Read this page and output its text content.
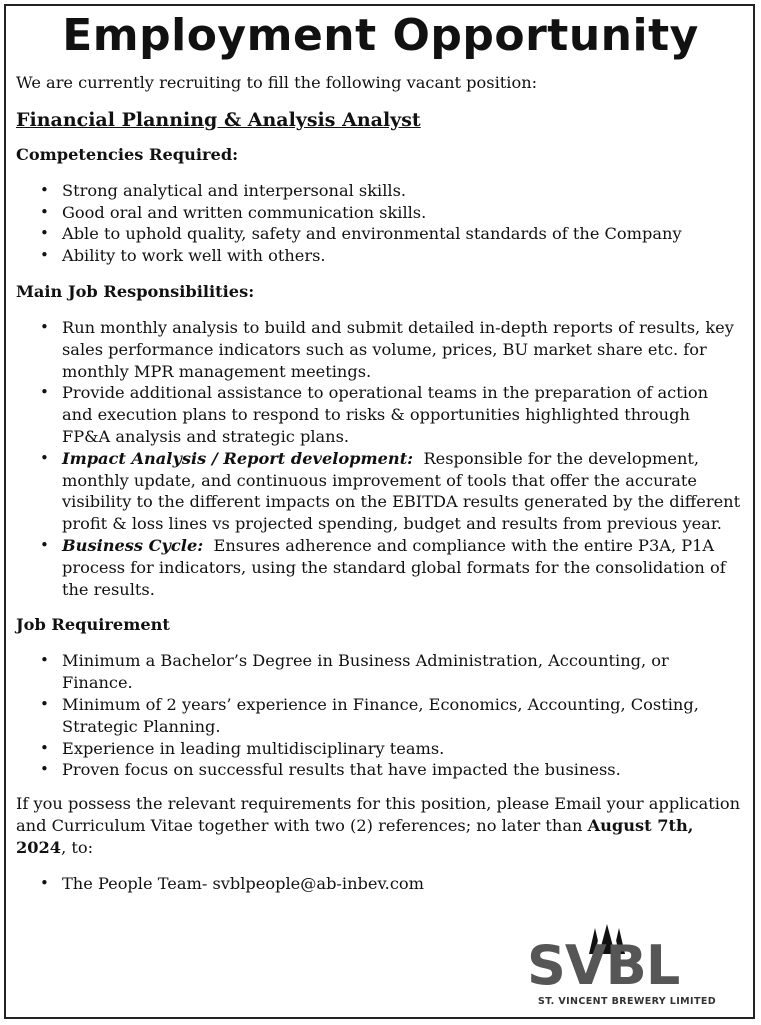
Employment Opportunity

We are currently recruiting to fill the following vacant position:

Financial Planning & Analysis Analyst

Competencies Required:
• Strong analytical and interpersonal skills.
• Good oral and written communication skills.
• Able to uphold quality, safety and environmental standards of the Company
• Ability to work well with others.
Main Job Responsibilities:
• Run monthly analysis to build and submit detailed in-depth reports of results, key sales performance indicators such as volume, prices, BU market share etc. for monthly MPR management meetings.
• Provide additional assistance to operational teams in the preparation of action and execution plans to respond to risks & opportunities highlighted through FP&A analysis and strategic plans.
• Impact Analysis / Report development: Responsible for the development, monthly update, and continuous improvement of tools that offer the accurate visibility to the different impacts on the EBITDA results generated by the different profit & loss lines vs projected spending, budget and results from previous year.
• Business Cycle: Ensures adherence and compliance with the entire P3A, P1A process for indicators, using the standard global formats for the consolidation of the results.
Job Requirement
• Minimum a Bachelor’s Degree in Business Administration, Accounting, or Finance.
• Minimum of 2 years’ experience in Finance, Economics, Accounting, Costing, Strategic Planning.
• Experience in leading multidisciplinary teams.
• Proven focus on successful results that have impacted the business.

If you possess the relevant requirements for this position, please Email your application and Curriculum Vitae together with two (2) references; no later than August 7th, 2024, to:

• The People Team- svblpeople@ab-inbev.com
SVBL
ST. VINCENT BREWERY LIMITED
